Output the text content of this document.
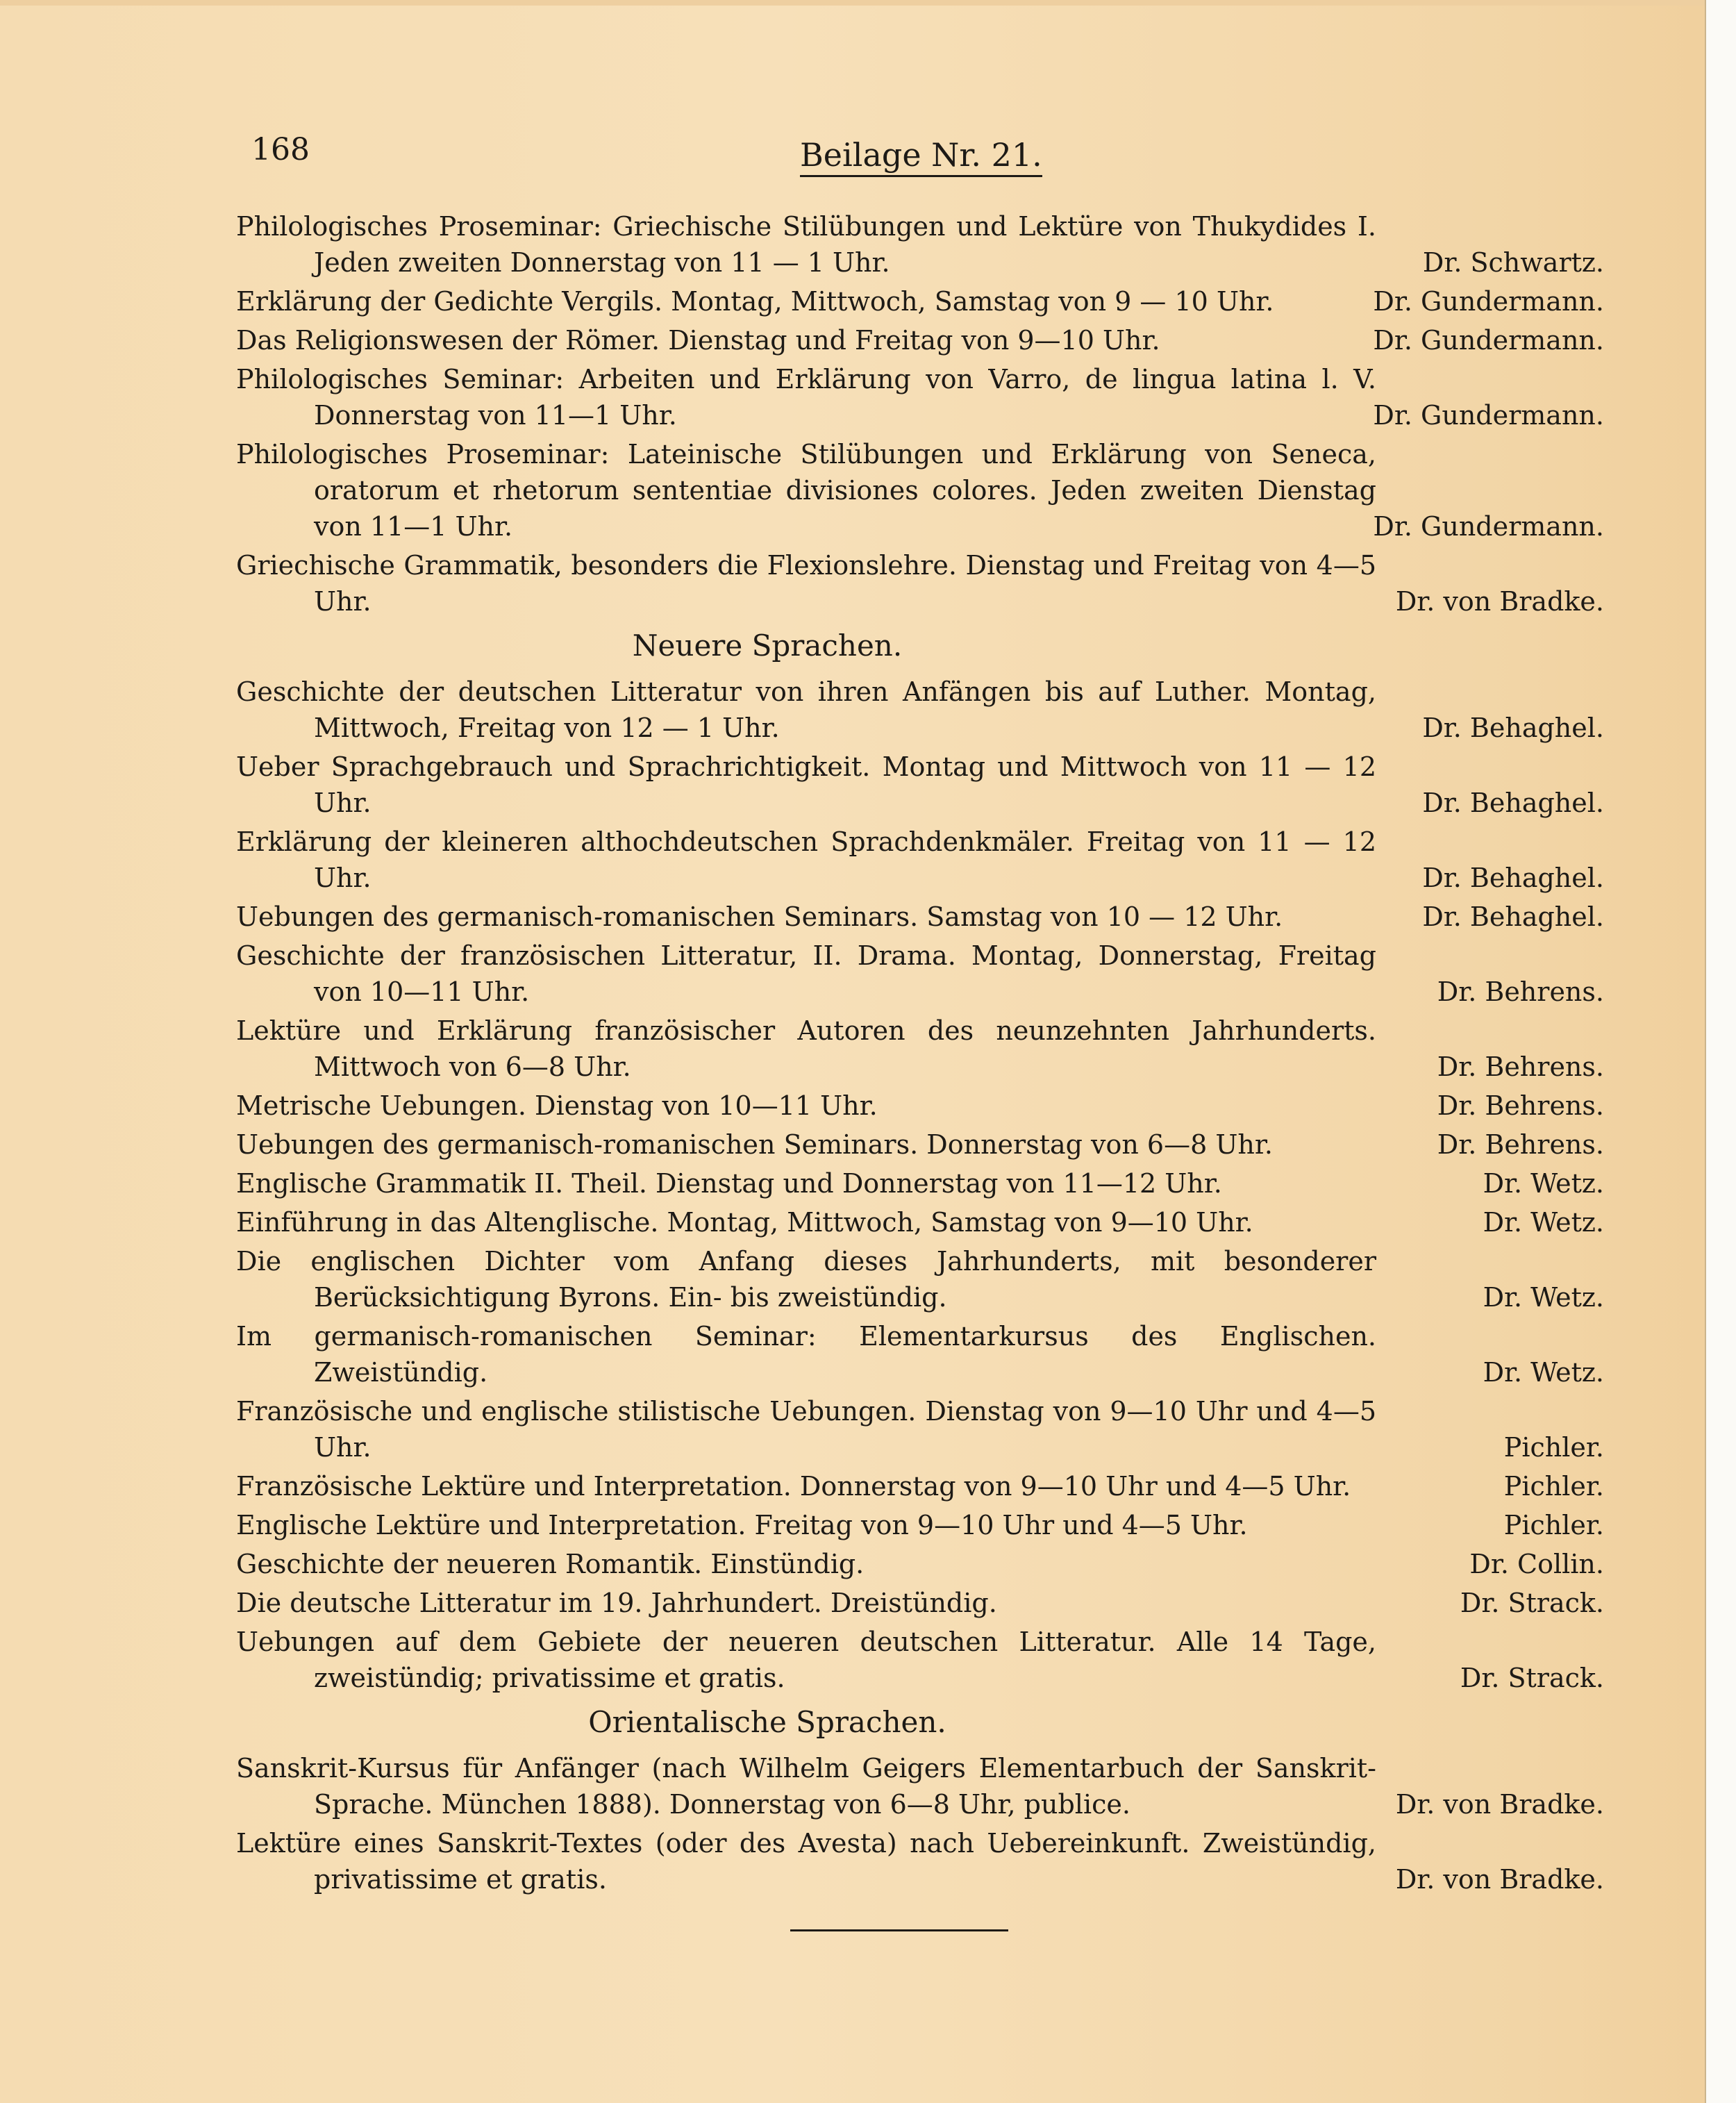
168	Beilage Nr. 21.

Philologisches Proseminar: Griechische Stilübungen und Lektüre von Thukydides I. Jeden zweiten Donnerstag von 11 — 1 Uhr.	Dr. Schwartz.

Erklärung der Gedichte Vergils. Montag, Mittwoch, Samstag von 9 — 10 Uhr.	Dr. Gundermann.

Das Religionswesen der Römer. Dienstag und Freitag von 9—10 Uhr.	Dr. Gundermann.

Philologisches Seminar: Arbeiten und Erklärung von Varro, de lingua latina l. V. Donnerstag von 11—1 Uhr.	Dr. Gundermann.

Philologisches Proseminar: Lateinische Stilübungen und Erklärung von Seneca, oratorum et rhetorum sententiae divisiones colores. Jeden zweiten Dienstag von 11—1 Uhr.	Dr. Gundermann.

Griechische Grammatik, besonders die Flexionslehre. Dienstag und Freitag von 4—5 Uhr.	Dr. von Bradke.
Neuere Sprachen.

Geschichte der deutschen Litteratur von ihren Anfängen bis auf Luther. Montag, Mittwoch, Freitag von 12 — 1 Uhr.	Dr. Behaghel.

Ueber Sprachgebrauch und Sprachrichtigkeit. Montag und Mittwoch von 11 — 12 Uhr.	Dr. Behaghel.

Erklärung der kleineren althochdeutschen Sprachdenkmäler. Freitag von 11 — 12 Uhr.	Dr. Behaghel.

Uebungen des germanisch-romanischen Seminars. Samstag von 10 — 12 Uhr.	Dr. Behaghel.

Geschichte der französischen Litteratur, II. Drama. Montag, Donnerstag, Freitag von 10—11 Uhr.	Dr. Behrens.

Lektüre und Erklärung französischer Autoren des neunzehnten Jahrhunderts. Mittwoch von 6—8 Uhr.	Dr. Behrens.

Metrische Uebungen. Dienstag von 10—11 Uhr.	Dr. Behrens.

Uebungen des germanisch-romanischen Seminars. Donnerstag von 6—8 Uhr.	Dr. Behrens.

Englische Grammatik II. Theil. Dienstag und Donnerstag von 11—12 Uhr.	Dr. Wetz.

Einführung in das Altenglische. Montag, Mittwoch, Samstag von 9—10 Uhr.	Dr. Wetz.

Die englischen Dichter vom Anfang dieses Jahrhunderts, mit besonderer Berücksichtigung Byrons. Ein- bis zweistündig.	Dr. Wetz.

Im germanisch-romanischen Seminar: Elementarkursus des Englischen. Zweistündig.	Dr. Wetz.

Französische und englische stilistische Uebungen. Dienstag von 9—10 Uhr und 4—5 Uhr.	Pichler.

Französische Lektüre und Interpretation. Donnerstag von 9—10 Uhr und 4—5 Uhr.	Pichler.

Englische Lektüre und Interpretation. Freitag von 9—10 Uhr und 4—5 Uhr.	Pichler.

Geschichte der neueren Romantik. Einstündig.	Dr. Collin.

Die deutsche Litteratur im 19. Jahrhundert. Dreistündig.	Dr. Strack.

Uebungen auf dem Gebiete der neueren deutschen Litteratur. Alle 14 Tage, zweistündig; privatissime et gratis.	Dr. Strack.
Orientalische Sprachen.

Sanskrit-Kursus für Anfänger (nach Wilhelm Geigers Elementarbuch der Sanskrit-Sprache. München 1888). Donnerstag von 6—8 Uhr, publice.	Dr. von Bradke.

Lektüre eines Sanskrit-Textes (oder des Avesta) nach Uebereinkunft. Zweistündig, privatissime et gratis.	Dr. von Bradke.
